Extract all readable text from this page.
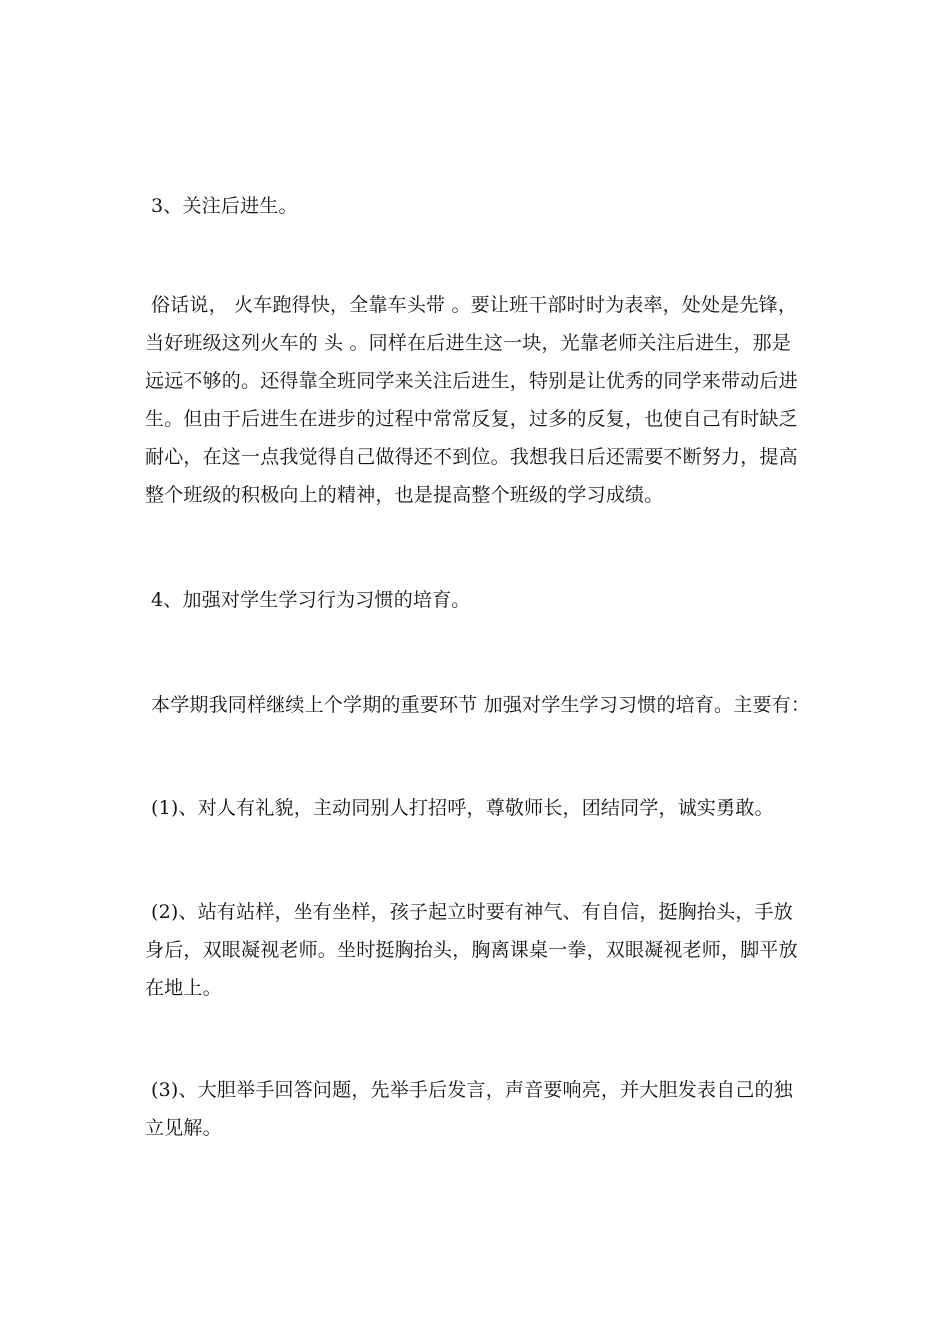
3、关注后进生。

俗话说， 火车跑得快，全靠车头带 。要让班干部时时为表率，处处是先锋，当好班级这列火车的 头 。同样在后进生这一块，光靠老师关注后进生，那是远远不够的。还得靠全班同学来关注后进生，特别是让优秀的同学来带动后进生。但由于后进生在进步的过程中常常反复，过多的反复，也使自己有时缺乏耐心，在这一点我觉得自己做得还不到位。我想我日后还需要不断努力，提高整个班级的积极向上的精神，也是提高整个班级的学习成绩。

4、加强对学生学习行为习惯的培育。

本学期我同样继续上个学期的重要环节 加强对学生学习习惯的培育。主要有：

(1)、对人有礼貌，主动同别人打招呼，尊敬师长，团结同学，诚实勇敢。

(2)、站有站样，坐有坐样，孩子起立时要有神气、有自信，挺胸抬头，手放身后，双眼凝视老师。坐时挺胸抬头，胸离课桌一拳，双眼凝视老师，脚平放在地上。

(3)、大胆举手回答问题，先举手后发言，声音要响亮，并大胆发表自己的独立见解。
